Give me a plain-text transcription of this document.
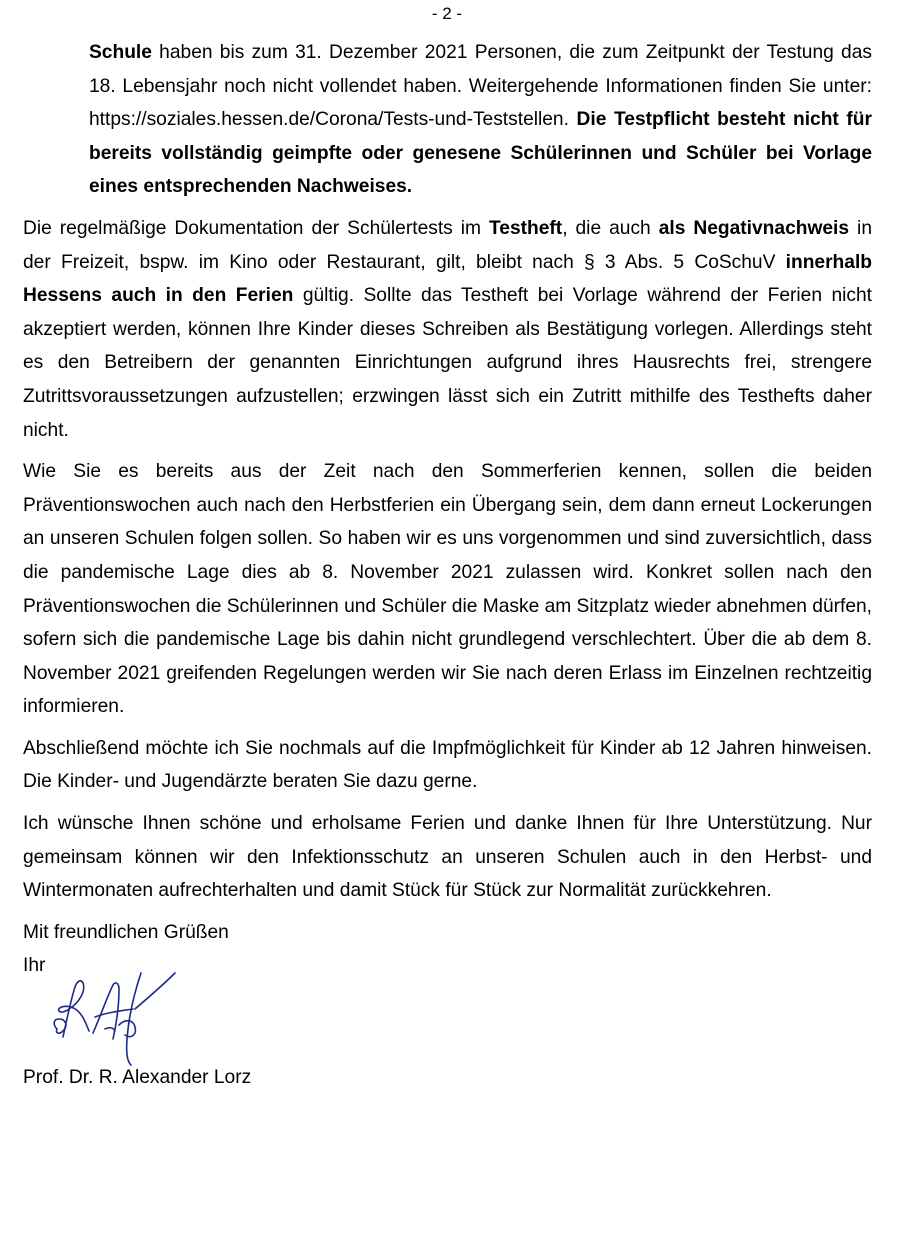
- 2 -

Schule haben bis zum 31. Dezember 2021 Personen, die zum Zeitpunkt der Testung das 18. Lebensjahr noch nicht vollendet haben. Weitergehende Informationen finden Sie unter: https://soziales.hessen.de/Corona/Tests-und-Teststellen. Die Testpflicht besteht nicht für bereits vollständig geimpfte oder genesene Schülerinnen und Schüler bei Vorlage eines entsprechenden Nachweises.

Die regelmäßige Dokumentation der Schülertests im Testheft, die auch als Negativnachweis in der Freizeit, bspw. im Kino oder Restaurant, gilt, bleibt nach § 3 Abs. 5 CoSchuV innerhalb Hessens auch in den Ferien gültig. Sollte das Testheft bei Vorlage während der Ferien nicht akzeptiert werden, können Ihre Kinder dieses Schreiben als Bestätigung vorlegen. Allerdings steht es den Betreibern der genannten Einrichtungen aufgrund ihres Hausrechts frei, strengere Zutrittsvoraussetzungen aufzustellen; erzwingen lässt sich ein Zutritt mithilfe des Testhefts daher nicht.

Wie Sie es bereits aus der Zeit nach den Sommerferien kennen, sollen die beiden Präventionswochen auch nach den Herbstferien ein Übergang sein, dem dann erneut Lockerungen an unseren Schulen folgen sollen. So haben wir es uns vorgenommen und sind zuversichtlich, dass die pandemische Lage dies ab 8. November 2021 zulassen wird. Konkret sollen nach den Präventionswochen die Schülerinnen und Schüler die Maske am Sitzplatz wieder abnehmen dürfen, sofern sich die pandemische Lage bis dahin nicht grundlegend verschlechtert. Über die ab dem 8. November 2021 greifenden Regelungen werden wir Sie nach deren Erlass im Einzelnen rechtzeitig informieren.

Abschließend möchte ich Sie nochmals auf die Impfmöglichkeit für Kinder ab 12 Jahren hinweisen. Die Kinder- und Jugendärzte beraten Sie dazu gerne.

Ich wünsche Ihnen schöne und erholsame Ferien und danke Ihnen für Ihre Unterstützung. Nur gemeinsam können wir den Infektionsschutz an unseren Schulen auch in den Herbst- und Wintermonaten aufrechterhalten und damit Stück für Stück zur Normalität zurückkehren.

Mit freundlichen Grüßen
Ihr
Prof. Dr. R. Alexander Lorz
